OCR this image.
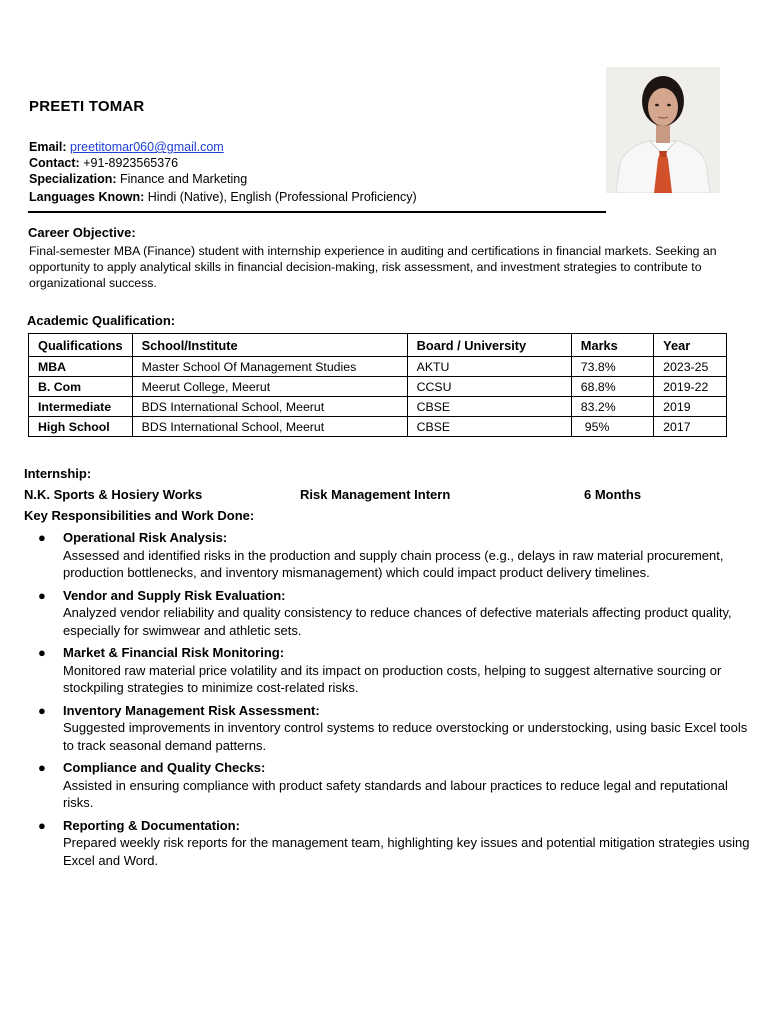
PREETI TOMAR
Email: preetitomar060@gmail.com
Contact: +91-8923565376
Specialization: Finance and Marketing
Languages Known: Hindi (Native), English (Professional Proficiency)
Career Objective:
Final-semester MBA (Finance) student with internship experience in auditing and certifications in financial markets. Seeking an opportunity to apply analytical skills in financial decision-making, risk assessment, and investment strategies to contribute to organizational success.
Academic Qualification:
Qualifications	School/Institute	Board / University	Marks	Year
MBA	Master School Of Management Studies	AKTU	73.8%	2023-25
B. Com	Meerut College, Meerut	CCSU	68.8%	2019-22
Intermediate	BDS International School, Meerut	CBSE	83.2%	2019
High School	BDS International School, Meerut	CBSE	95%	2017
Internship:
N.K. Sports & Hosiery Works	Risk Management Intern	6 Months
Key Responsibilities and Work Done:
● Operational Risk Analysis:
Assessed and identified risks in the production and supply chain process (e.g., delays in raw material procurement, production bottlenecks, and inventory mismanagement) which could impact product delivery timelines.
● Vendor and Supply Risk Evaluation:
Analyzed vendor reliability and quality consistency to reduce chances of defective materials affecting product quality, especially for swimwear and athletic sets.
● Market & Financial Risk Monitoring:
Monitored raw material price volatility and its impact on production costs, helping to suggest alternative sourcing or stockpiling strategies to minimize cost-related risks.
● Inventory Management Risk Assessment:
Suggested improvements in inventory control systems to reduce overstocking or understocking, using basic Excel tools to track seasonal demand patterns.
● Compliance and Quality Checks:
Assisted in ensuring compliance with product safety standards and labour practices to reduce legal and reputational risks.
● Reporting & Documentation:
Prepared weekly risk reports for the management team, highlighting key issues and potential mitigation strategies using Excel and Word.
